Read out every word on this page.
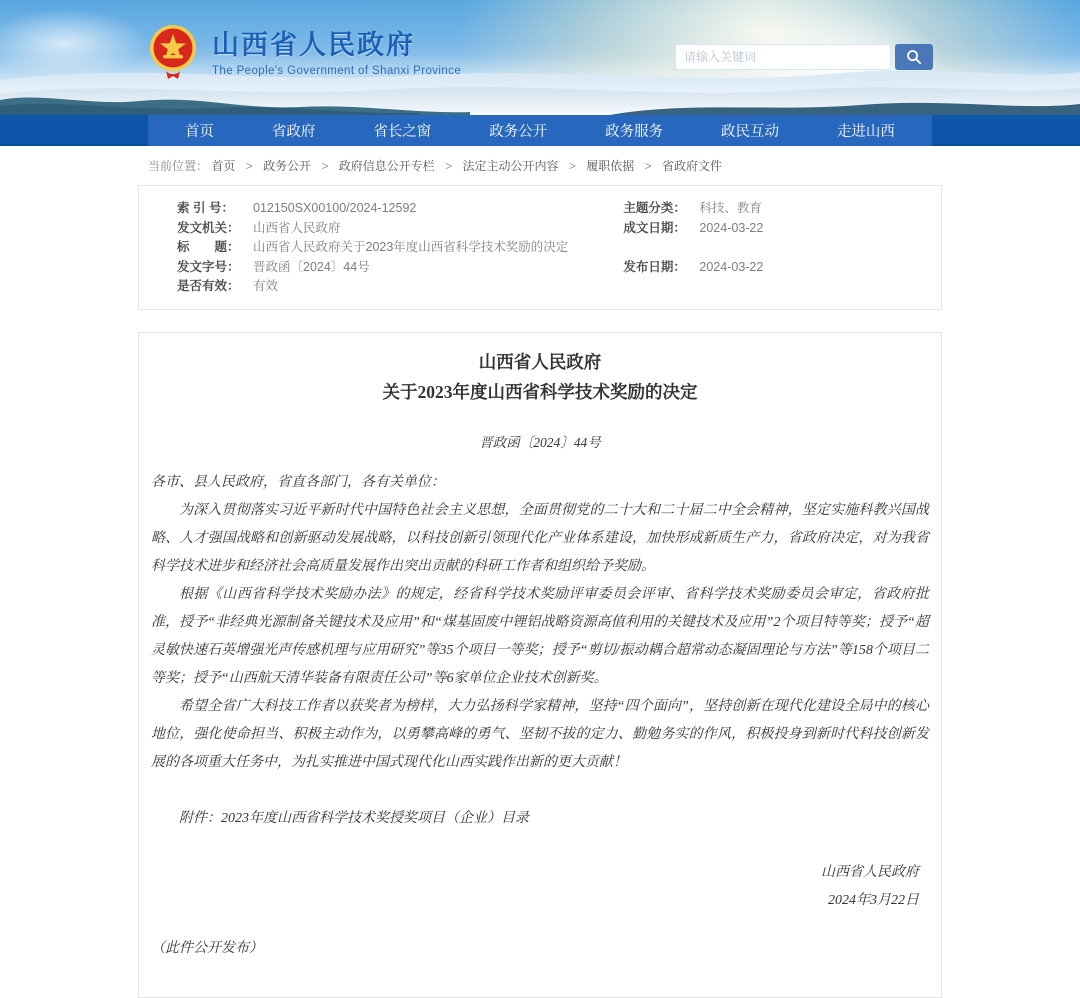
山西省人民政府
The People's Government of Shanxi Province
请输入关键词
首页	省政府	省长之窗	政务公开	政务服务	政民互动	走进山西
当前位置： 首页 > 政务公开 > 政府信息公开专栏 > 法定主动公开内容 > 履职依据 > 省政府文件
索 引 号：	012150SX00100/2024-12592	主题分类：	科技、教育
发文机关：	山西省人民政府	成文日期：	2024-03-22
标　　题：	山西省人民政府关于2023年度山西省科学技术奖励的决定
发文字号：	晋政函〔2024〕44号	发布日期：	2024-03-22
是否有效：	有效
山西省人民政府
关于2023年度山西省科学技术奖励的决定
晋政函〔2024〕44号

各市、县人民政府，省直各部门，各有关单位：

为深入贯彻落实习近平新时代中国特色社会主义思想，全面贯彻党的二十大和二十届二中全会精神，坚定实施科教兴国战略、人才强国战略和创新驱动发展战略，以科技创新引领现代化产业体系建设，加快形成新质生产力，省政府决定，对为我省科学技术进步和经济社会高质量发展作出突出贡献的科研工作者和组织给予奖励。

根据《山西省科学技术奖励办法》的规定，经省科学技术奖励评审委员会评审、省科学技术奖励委员会审定，省政府批准，授予“非经典光源制备关键技术及应用”和“煤基固废中锂铝战略资源高值利用的关键技术及应用”2个项目特等奖；授予“超灵敏快速石英增强光声传感机理与应用研究”等35个项目一等奖；授予“剪切/振动耦合超常动态凝固理论与方法”等158个项目二等奖；授予“山西航天清华装备有限责任公司”等6家单位企业技术创新奖。

希望全省广大科技工作者以获奖者为榜样，大力弘扬科学家精神，坚持“四个面向”，坚持创新在现代化建设全局中的核心地位，强化使命担当、积极主动作为，以勇攀高峰的勇气、坚韧不拔的定力、勤勉务实的作风，积极投身到新时代科技创新发展的各项重大任务中，为扎实推进中国式现代化山西实践作出新的更大贡献！

附件：2023年度山西省科学技术奖授奖项目（企业）目录

山西省人民政府
2024年3月22日
（此件公开发布）
